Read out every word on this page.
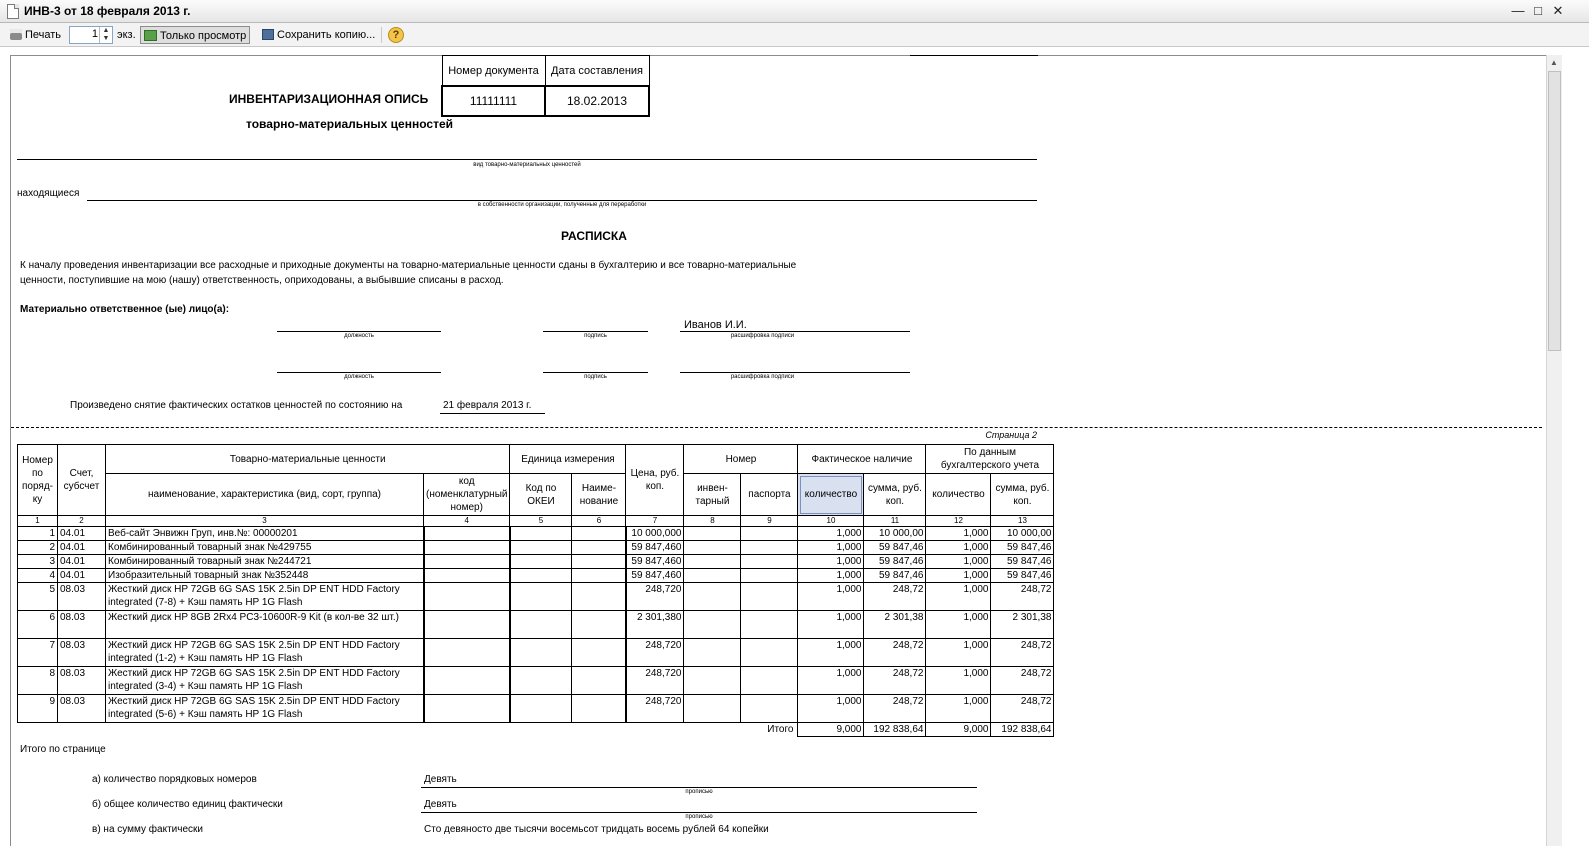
ИНВ-3 от 18 февраля 2013 г.	— □ ✕
Печать	1 ▲
▼ экз.	Только просмотр	Сохранить копию...	?
▲
Номер документа	Дата составления
11111111	18.02.2013
ИНВЕНТАРИЗАЦИОННАЯ ОПИСЬ
товарно-материальных ценностей
вид товарно-материальных ценностей
находящиеся
в собственности организации, полученные для переработки
РАСПИСКА
К началу проведения инвентаризации все расходные и приходные документы на товарно-материальные ценности сданы в бухгалтерию и все товарно-материальные
ценности, поступившие на мою (нашу) ответственность, оприходованы, а выбывшие списаны в расход.
Материально ответственное (ые) лицо(а):
Иванов И.И.
должность	подпись	расшифровка подписи
должность	подпись	расшифровка подписи
Произведено снятие фактических остатков ценностей по состоянию на	21 февраля 2013 г.
Страница 2
Номер по поряд-ку	Счет, субсчет	Товарно-материальные ценности		Единица измерения		Цена, руб. коп.	Номер		Фактическое наличие		По данным бухгалтерского учета	
		наименование, характеристика (вид, сорт, группа)	код (номенклатурный номер)	Код по ОКЕИ	Наиме-нование		инвен-тарный	паспорта	количество	сумма, руб. коп.	количество	сумма, руб. коп.
1	2	3	4	5	6	7	8	9	10	11	12	13
1	04.01	Веб-сайт Энвижн Груп, инв.№: 00000201				10 000,000			1,000	10 000,00	1,000	10 000,00
2	04.01	Комбинированный товарный знак №429755				59 847,460			1,000	59 847,46	1,000	59 847,46
3	04.01	Комбинированный товарный знак №244721				59 847,460			1,000	59 847,46	1,000	59 847,46
4	04.01	Изобразительный товарный знак №352448				59 847,460			1,000	59 847,46	1,000	59 847,46
5	08.03	Жесткий диск HP 72GB 6G SAS 15K 2.5in DP ENT HDD Factory integrated (7-8) + Кэш память HP 1G Flash				248,720			1,000	248,72	1,000	248,72
6	08.03	Жесткий диск HP 8GB 2Rx4 PC3-10600R-9 Kit (в кол-ве 32 шт.)				2 301,380			1,000	2 301,38	1,000	2 301,38
7	08.03	Жесткий диск HP 72GB 6G SAS 15K 2.5in DP ENT HDD Factory integrated (1-2) + Кэш память HP 1G Flash				248,720			1,000	248,72	1,000	248,72
8	08.03	Жесткий диск HP 72GB 6G SAS 15K 2.5in DP ENT HDD Factory integrated (3-4) + Кэш память HP 1G Flash				248,720			1,000	248,72	1,000	248,72
9	08.03	Жесткий диск HP 72GB 6G SAS 15K 2.5in DP ENT HDD Factory integrated (5-6) + Кэш память HP 1G Flash				248,720			1,000	248,72	1,000	248,72
Итого									9,000	192 838,64	9,000	192 838,64
Итого по странице
а) количество порядковых номеров	Девять
прописью
б) общее количество единиц фактически	Девять
прописью
в) на сумму фактически	Сто девяносто две тысячи восемьсот тридцать восемь рублей 64 копейки
